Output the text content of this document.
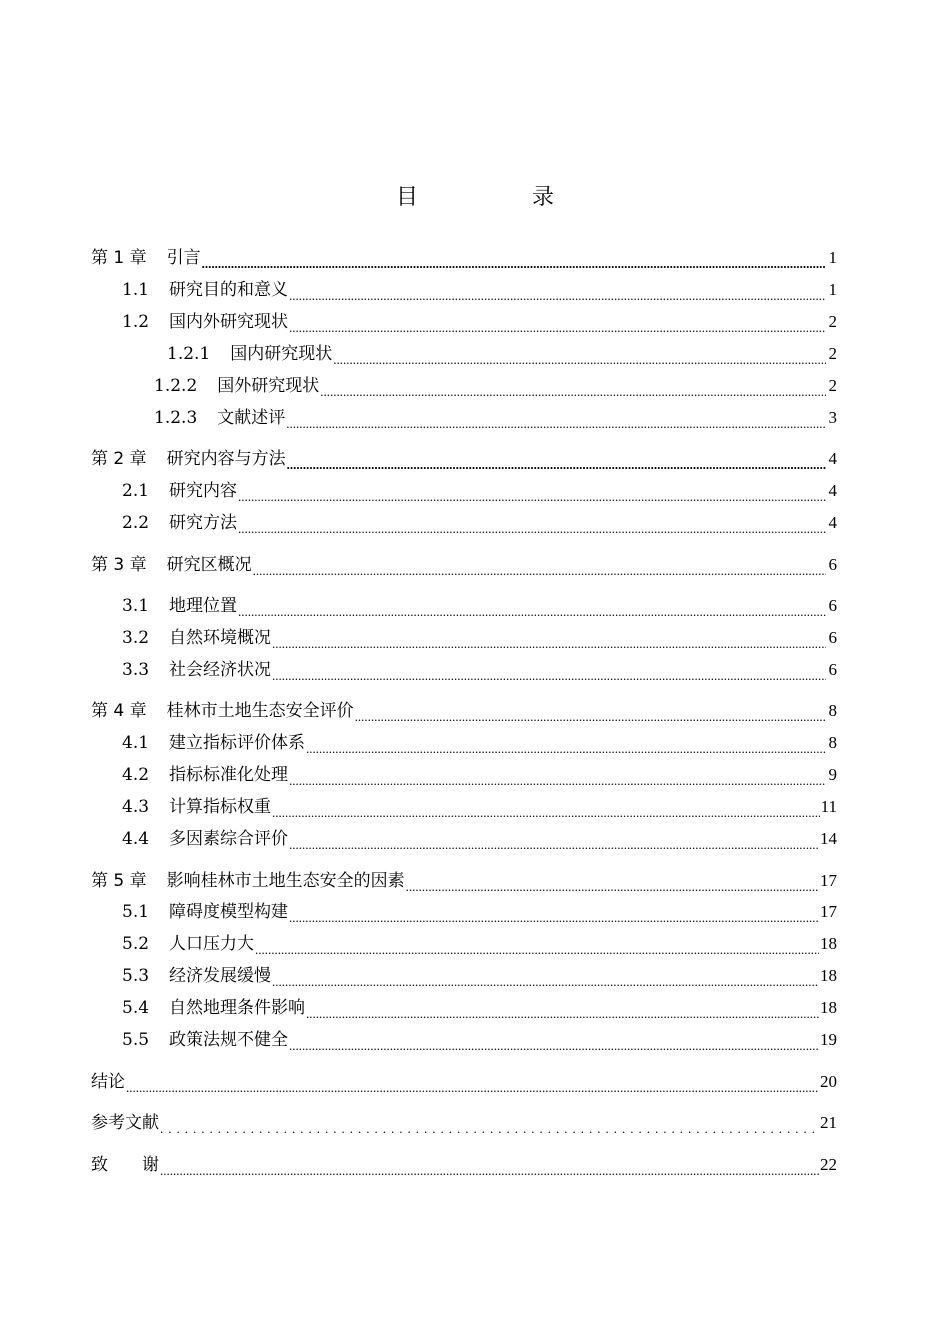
目　录
第 1 章 引言 .....	1
1.1 研究目的和意义 .....	1
1.2 国内外研究现状 .....	2
1.2.1 国内研究现状 .....	2
1.2.2 国外研究现状 .....	2
1.2.3 文献述评 .....	3
第 2 章 研究内容与方法 .....	4
2.1 研究内容 .....	4
2.2 研究方法 .....	4
第 3 章 研究区概况 .....	6
3.1 地理位置 .....	6
3.2 自然环境概况 .....	6
3.3 社会经济状况 .....	6
第 4 章 桂林市土地生态安全评价 .....	8
4.1 建立指标评价体系 .....	8
4.2 指标标准化处理 .....	9
4.3 计算指标权重 .....	11
4.4 多因素综合评价 .....	14
第 5 章 影响桂林市土地生态安全的因素 .....	17
5.1 障碍度模型构建 .....	17
5.2 人口压力大 .....	18
5.3 经济发展缓慢 .....	18
5.4 自然地理条件影响 .....	18
5.5 政策法规不健全 .....	19
结论 .....	20
参考文献 .....	21
致　　谢 .....	22
